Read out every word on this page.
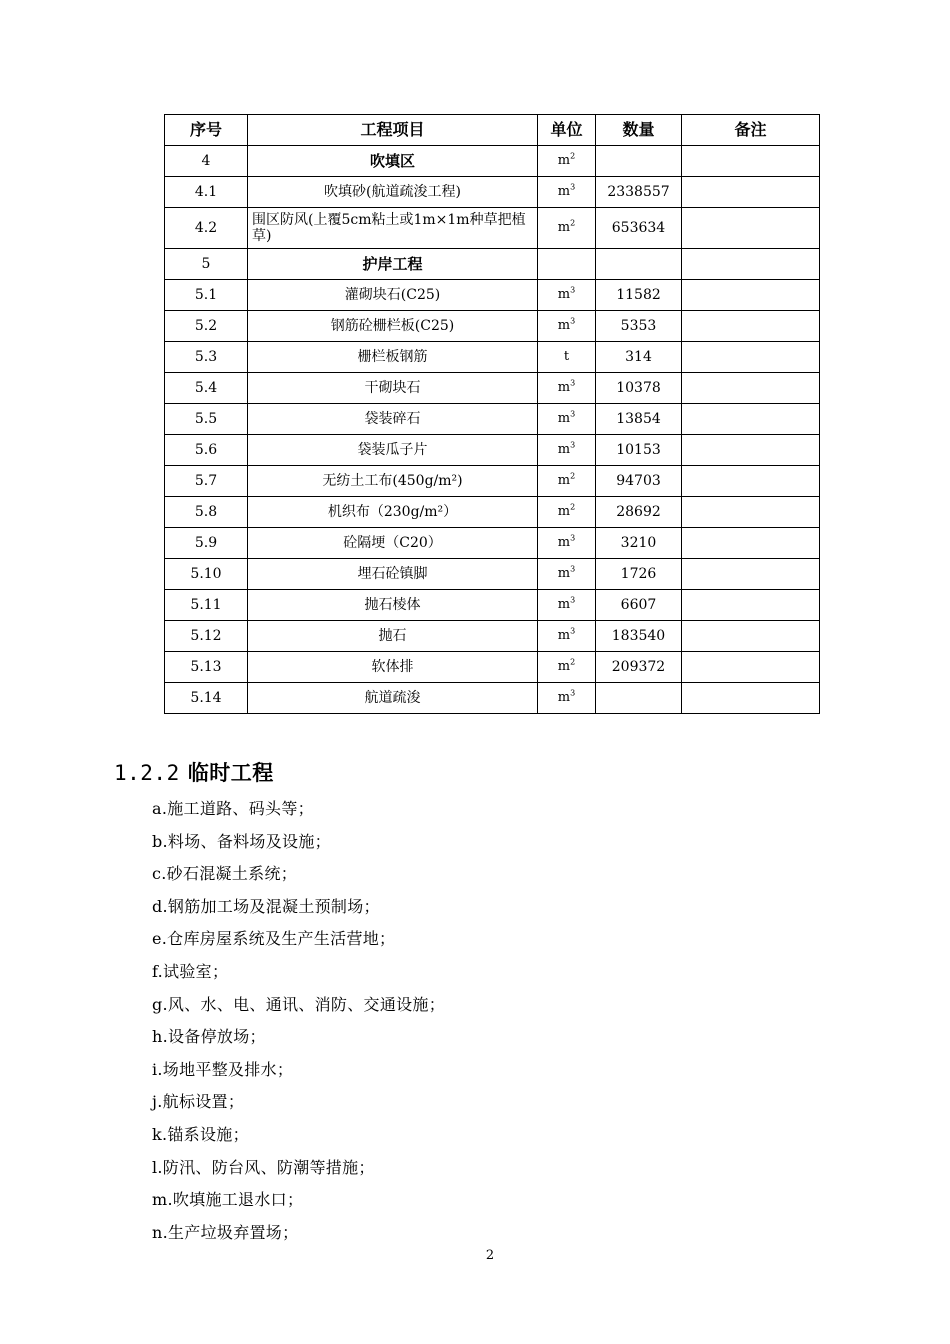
序号	工程项目	单位	数量	备注
4	吹填区	$m^2$		
4.1	吹填砂(航道疏浚工程)	$m^3$	2338557	
4.2	围区防风(上覆5cm粘土或1m×1m种草把植草)	$m^2$	653634	
5	护岸工程			
5.1	灌砌块石(C25)	$m^3$	11582	
5.2	钢筋砼栅栏板(C25)	$m^3$	5353	
5.3	栅栏板钢筋	t	314	
5.4	干砌块石	$m^3$	10378	
5.5	袋装碎石	$m^3$	13854	
5.6	袋装瓜子片	$m^3$	10153	
5.7	无纺土工布(450g/m²)	$m^2$	94703	
5.8	机织布（230g/m²）	$m^2$	28692	
5.9	砼隔埂（C20）	$m^3$	3210	
5.10	埋石砼镇脚	$m^3$	1726	
5.11	抛石棱体	$m^3$	6607	
5.12	抛石	$m^3$	183540	
5.13	软体排	$m^2$	209372	
5.14	航道疏浚	$m^3$		
1.2.2 临时工程
a.施工道路、码头等；
b.料场、备料场及设施；
c.砂石混凝土系统；
d.钢筋加工场及混凝土预制场；
e.仓库房屋系统及生产生活营地；
f.试验室；
g.风、水、电、通讯、消防、交通设施；
h.设备停放场；
i.场地平整及排水；
j.航标设置；
k.锚系设施；
l.防汛、防台风、防潮等措施；
m.吹填施工退水口；
n.生产垃圾弃置场；
2
